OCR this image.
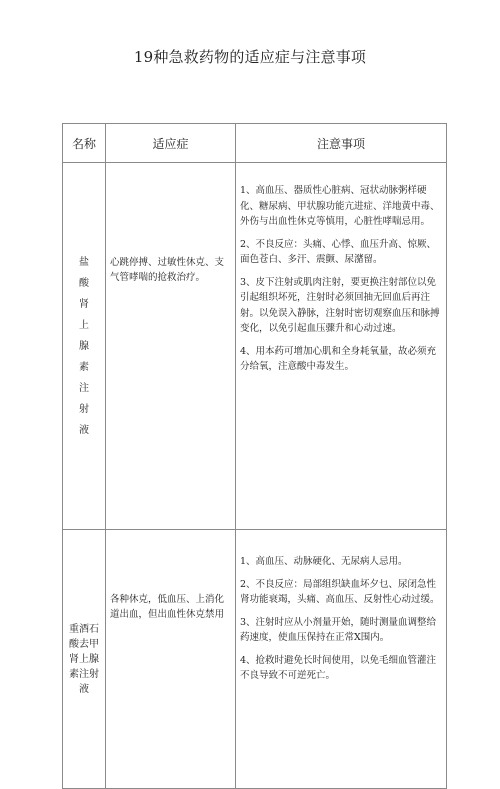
19种急救药物的适应症与注意事项
名称	适应症	注意事项
盐酸肾上腺素注射液	心跳停搏、过敏性休克、支气管哮喘的抢救治疗。	1、高血压、器质性心脏病、冠状动脉粥样硬化、糖尿病、甲状腺功能亢进症、洋地黄中毒、外伤与出血性休克等慎用，心脏性哮喘忌用。

2、不良反应：头痛、心悸、血压升高、惊厥、面色苍白、多汗、震颤、尿潴留。

3、皮下注射或肌肉注射，要更换注射部位以免引起组织坏死，注射时必须回抽无回血后再注射。以免误入静脉，注射时密切观察血压和脉搏变化，以免引起血压骤升和心动过速。

4、用本药可增加心肌和全身耗氧量，故必须充分给氧，注意酸中毒发生。

重酒石酸去甲肾上腺素注射液	各种休克，低血压、上消化道出血，但出血性休克禁用	1、高血压、动脉硬化、无尿病人忌用。

2、不良反应：局部组织缺血坏夕乜、尿闭急性肾功能衰竭，头痛、高血压、反射性心动过缓。

3、注射时应从小剂量开始，随时测量血调整给药速度，使血压保持在正常X围内。

4、抢救时避免长时间使用，以免毛细血管灌注不良导致不可逆死亡。
